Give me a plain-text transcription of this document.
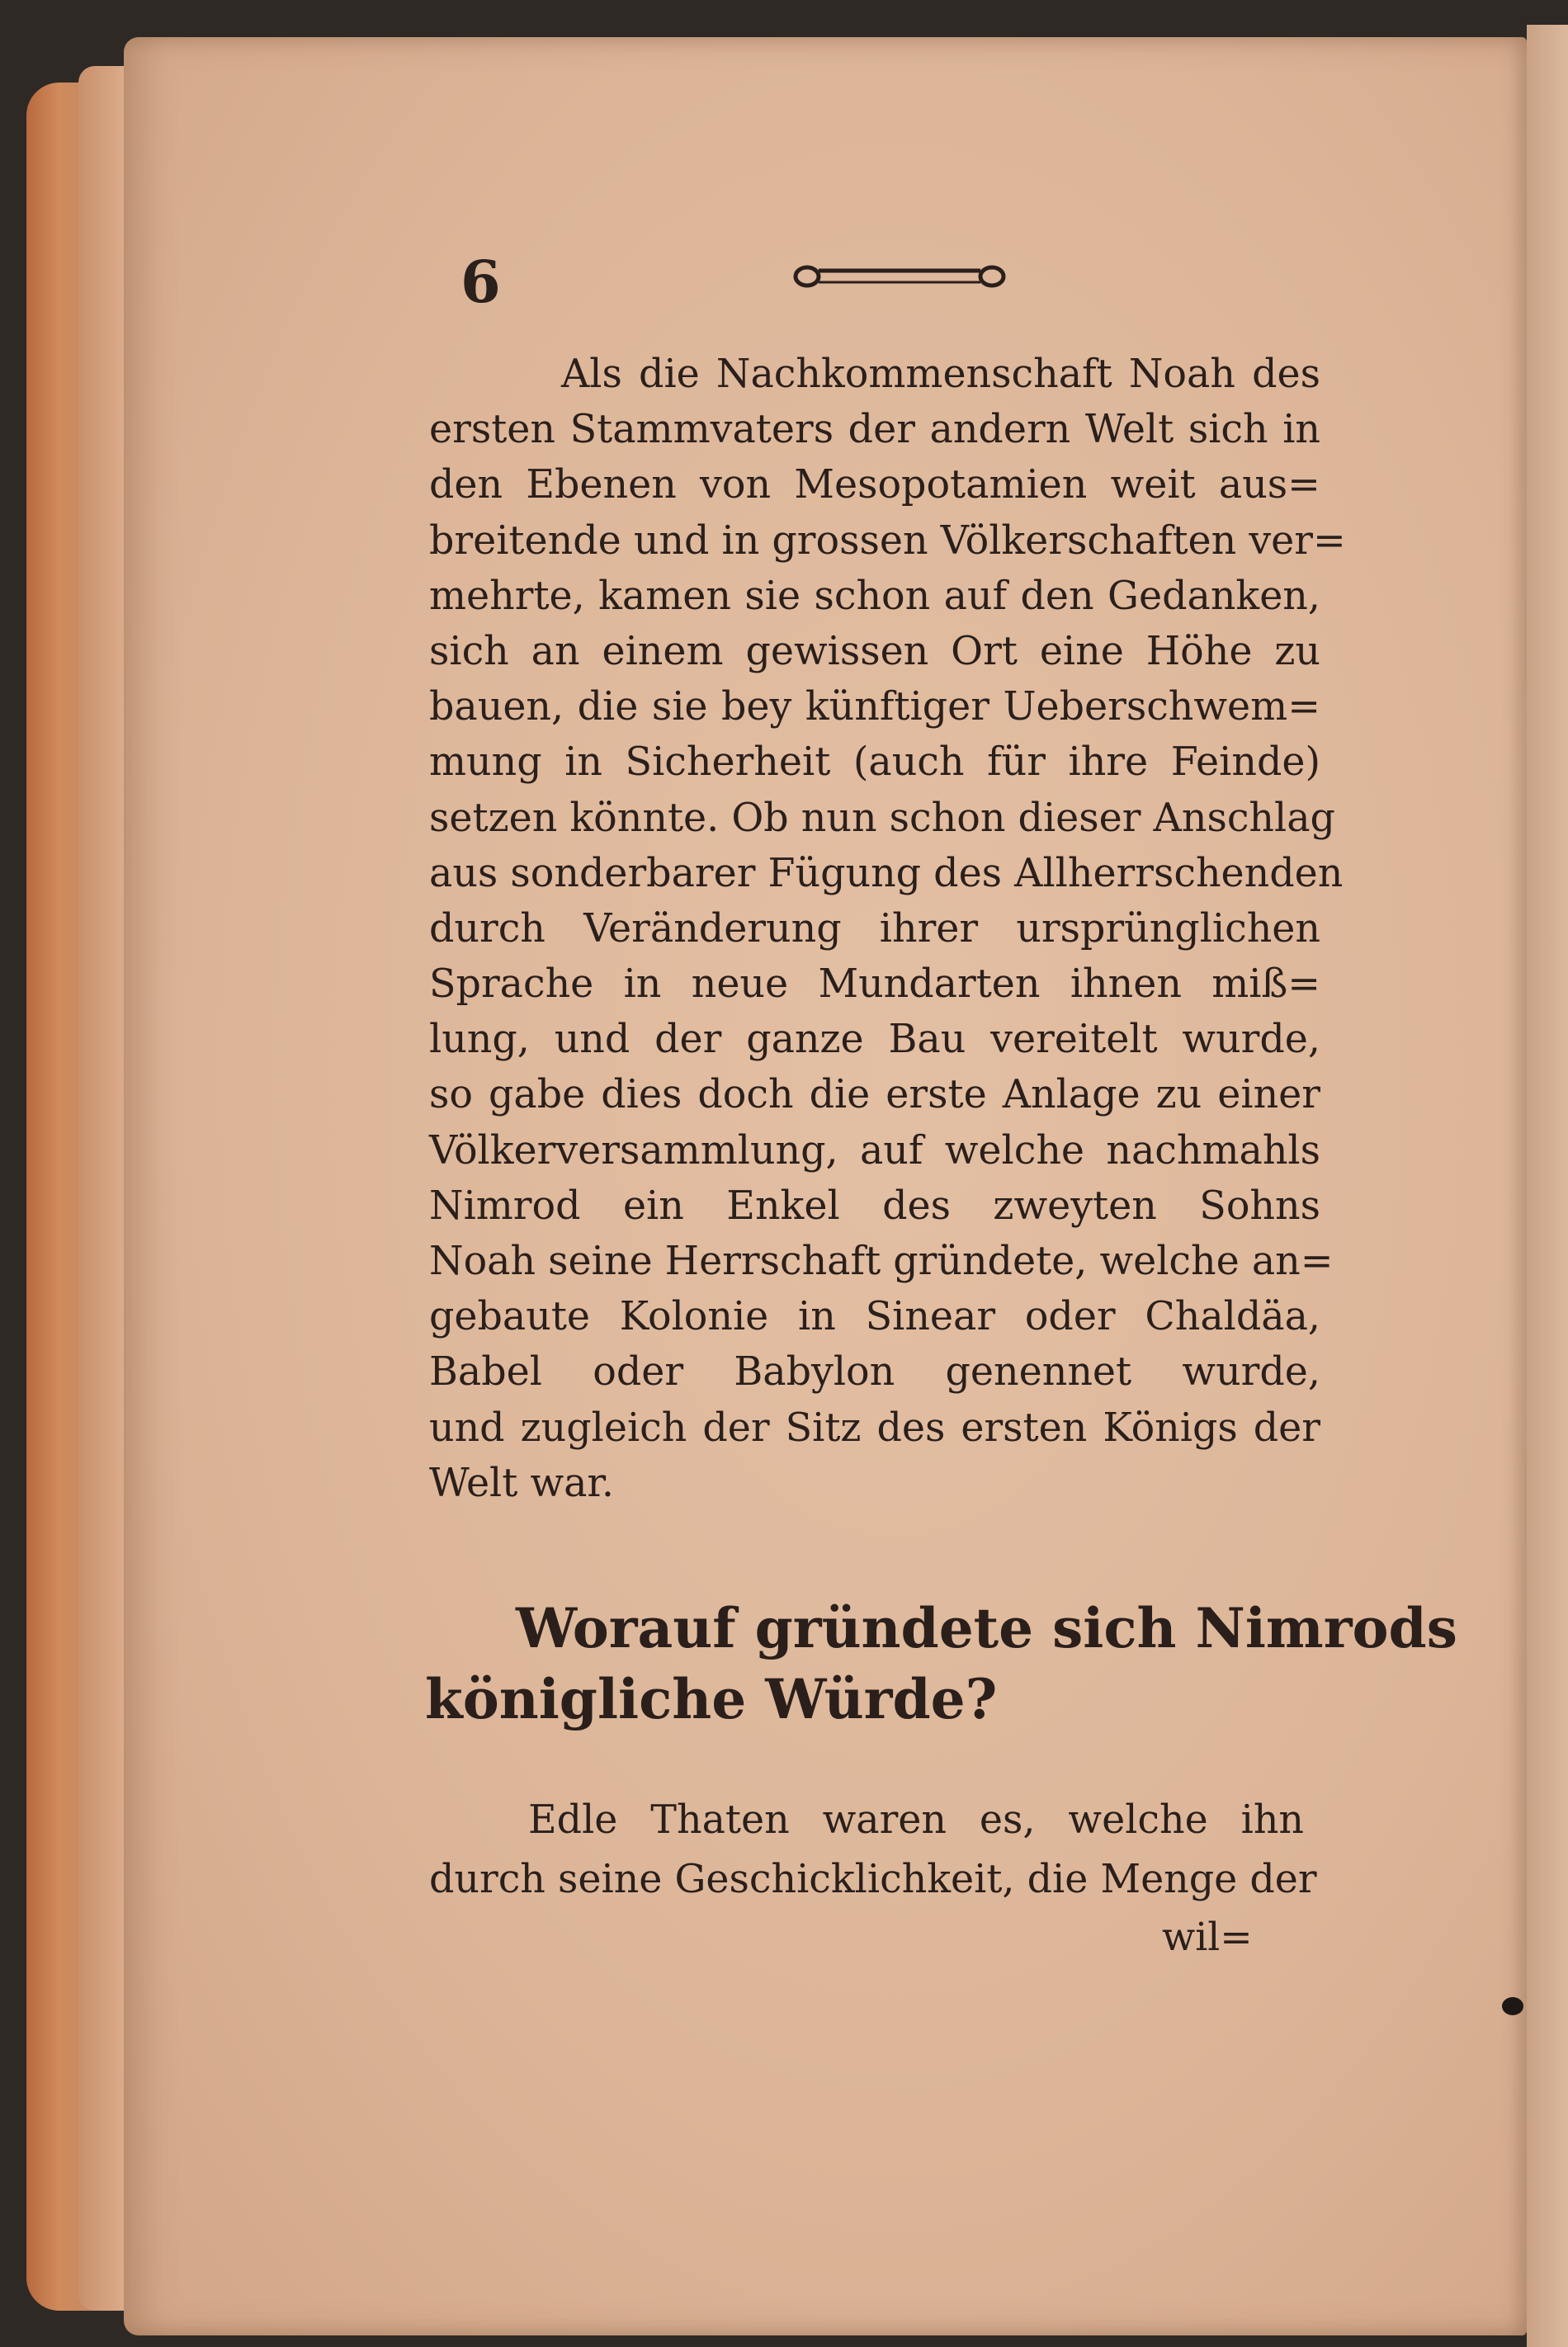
6
Als die Nachkommenschaft Noah des
ersten Stammvaters der andern Welt sich in
den Ebenen von Mesopotamien weit aus=
breitende und in grossen Völkerschaften ver=
mehrte, kamen sie schon auf den Gedanken,
sich an einem gewissen Ort eine Höhe zu
bauen, die sie bey künftiger Ueberschwem=
mung in Sicherheit (auch für ihre Feinde)
setzen könnte. Ob nun schon dieser Anschlag
aus sonderbarer Fügung des Allherrschenden
durch Veränderung ihrer ursprünglichen
Sprache in neue Mundarten ihnen miß=
lung, und der ganze Bau vereitelt wurde,
so gabe dies doch die erste Anlage zu einer
Völkerversammlung, auf welche nachmahls
Nimrod ein Enkel des zweyten Sohns
Noah seine Herrschaft gründete, welche an=
gebaute Kolonie in Sinear oder Chaldäa,
Babel oder Babylon genennet wurde,
und zugleich der Sitz des ersten Königs der
Welt war.
Worauf gründete sich Nimrods
königliche Würde?
Edle Thaten waren es, welche ihn
durch seine Geschicklichkeit, die Menge der
wil=
